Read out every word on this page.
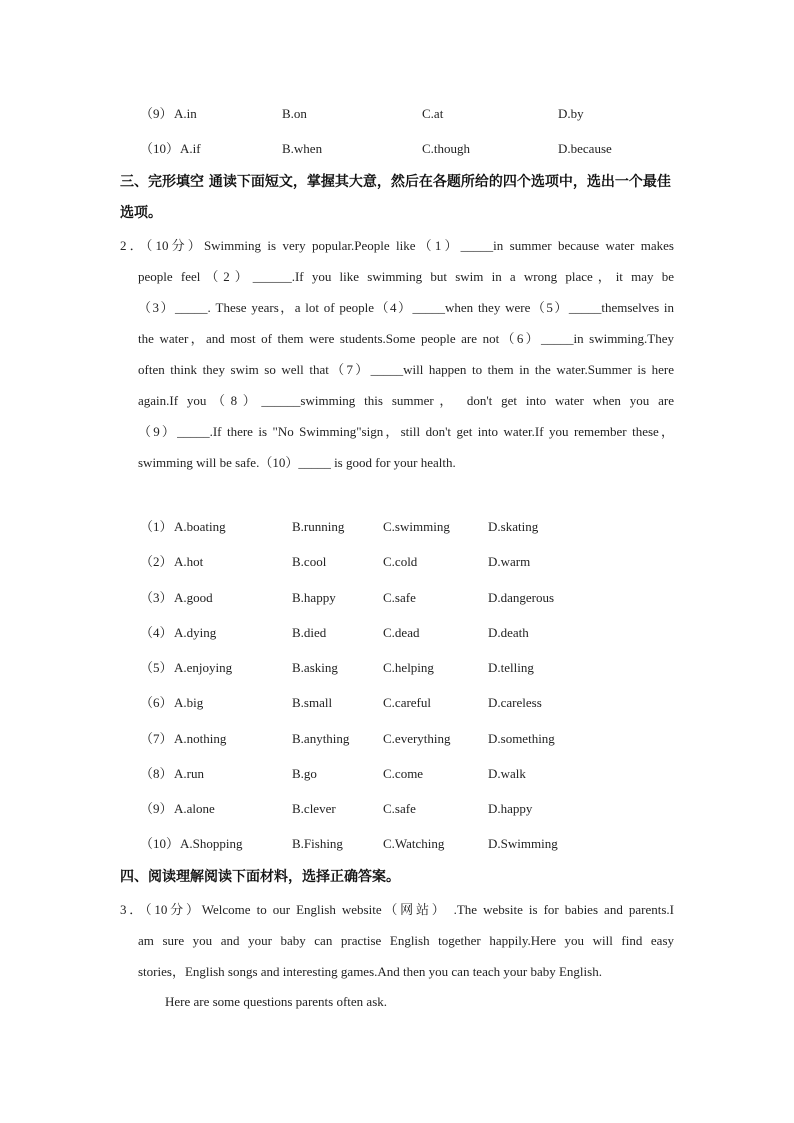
（9） A.in	B.on	C.at	D.by
（10） A.if	B.when	C.though	D.because
三、完形填空 通读下面短文，掌握其大意，然后在各题所给的四个选项中，选出一个最佳
选项。
2．（10分）Swimming is very popular.People like（1）_____in summer because water makes
people feel（2）______.If you like swimming but swim in a wrong place，it may be
（3）_____. These years，a lot of people（4）_____when they were（5）_____themselves in
the water，and most of them were students.Some people are not（6）_____in swimming.They
often think they swim so well that（7）_____will happen to them in the water.Summer is here
again.If you（8）______swimming this summer， don't get into water when you are
（9）_____.If there is "No Swimming"sign，still don't get into water.If you remember these，
swimming will be safe.（10）_____ is good for your health.
（1） A.boating	B.running	C.swimming	D.skating
（2） A.hot	B.cool	C.cold	D.warm
（3） A.good	B.happy	C.safe	D.dangerous
（4） A.dying	B.died	C.dead	D.death
（5） A.enjoying	B.asking	C.helping	D.telling
（6） A.big	B.small	C.careful	D.careless
（7） A.nothing	B.anything	C.everything	D.something
（8） A.run	B.go	C.come	D.walk
（9） A.alone	B.clever	C.safe	D.happy
（10） A.Shopping	B.Fishing	C.Watching	D.Swimming
四、阅读理解阅读下面材料，选择正确答案。
3．（10分）Welcome to our English website（网站） .The website is for babies and parents.I
am sure you and your baby can practise English together happily.Here you will find easy
stories，English songs and interesting games.And then you can teach your baby English.
Here are some questions parents often ask.
